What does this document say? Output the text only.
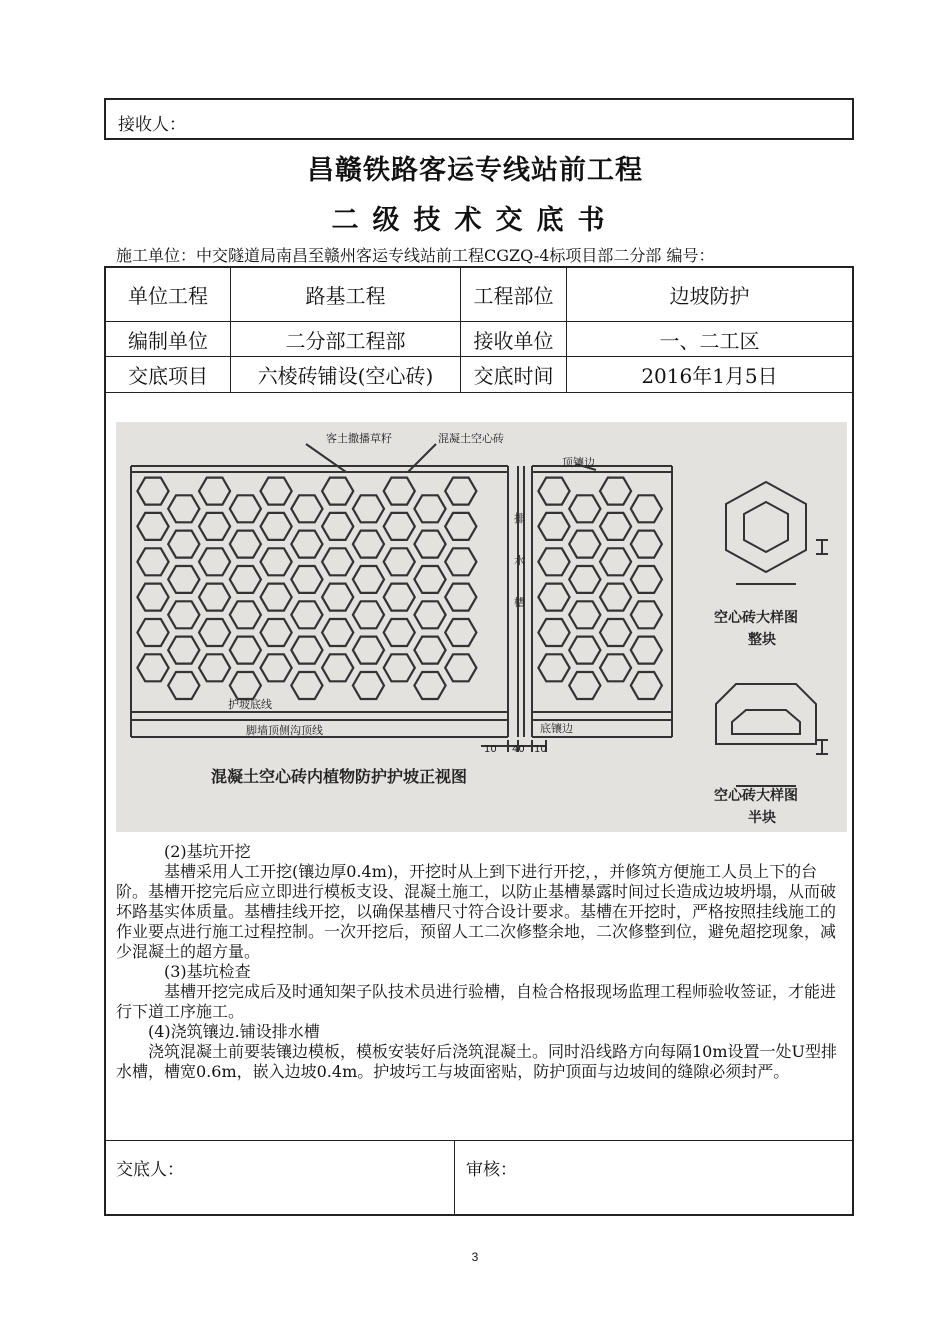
接收人：
昌赣铁路客运专线站前工程
二级技术交底书
施工单位：中交隧道局南昌至赣州客运专线站前工程CGZQ-4标项目部二分部 编号：
单位工程	路基工程	工程部位	边坡防护
编制单位	二分部工程部	接收单位	一、二工区
交底项目	六棱砖铺设(空心砖)	交底时间	2016年1月5日
客土撒播草籽	混凝土空心砖
顶镶边
排
水
槽
护坡底线
脚墙顶侧沟顶线	底镶边
10 40 10
混凝土空心砖内植物防护护坡正视图
空心砖大样图
整块
空心砖大样图
半块

(2)基坑开挖

基槽采用人工开挖(镶边厚0.4m)，开挖时从上到下进行开挖，，并修筑方便施工人员上下的台阶。基槽开挖完后应立即进行模板支设、混凝土施工，以防止基槽暴露时间过长造成边坡坍塌，从而破坏路基实体质量。基槽挂线开挖，以确保基槽尺寸符合设计要求。基槽在开挖时，严格按照挂线施工的作业要点进行施工过程控制。一次开挖后，预留人工二次修整余地，二次修整到位，避免超挖现象，减少混凝土的超方量。

(3)基坑检查

基槽开挖完成后及时通知架子队技术员进行验槽，自检合格报现场监理工程师验收签证，才能进行下道工序施工。

(4)浇筑镶边.铺设排水槽

浇筑混凝土前要装镶边模板，模板安装好后浇筑混凝土。同时沿线路方向每隔10m设置一处U型排水槽，槽宽0.6m，嵌入边坡0.4m。护坡圬工与坡面密贴，防护顶面与边坡间的缝隙必须封严。

交底人：	审核：
3
